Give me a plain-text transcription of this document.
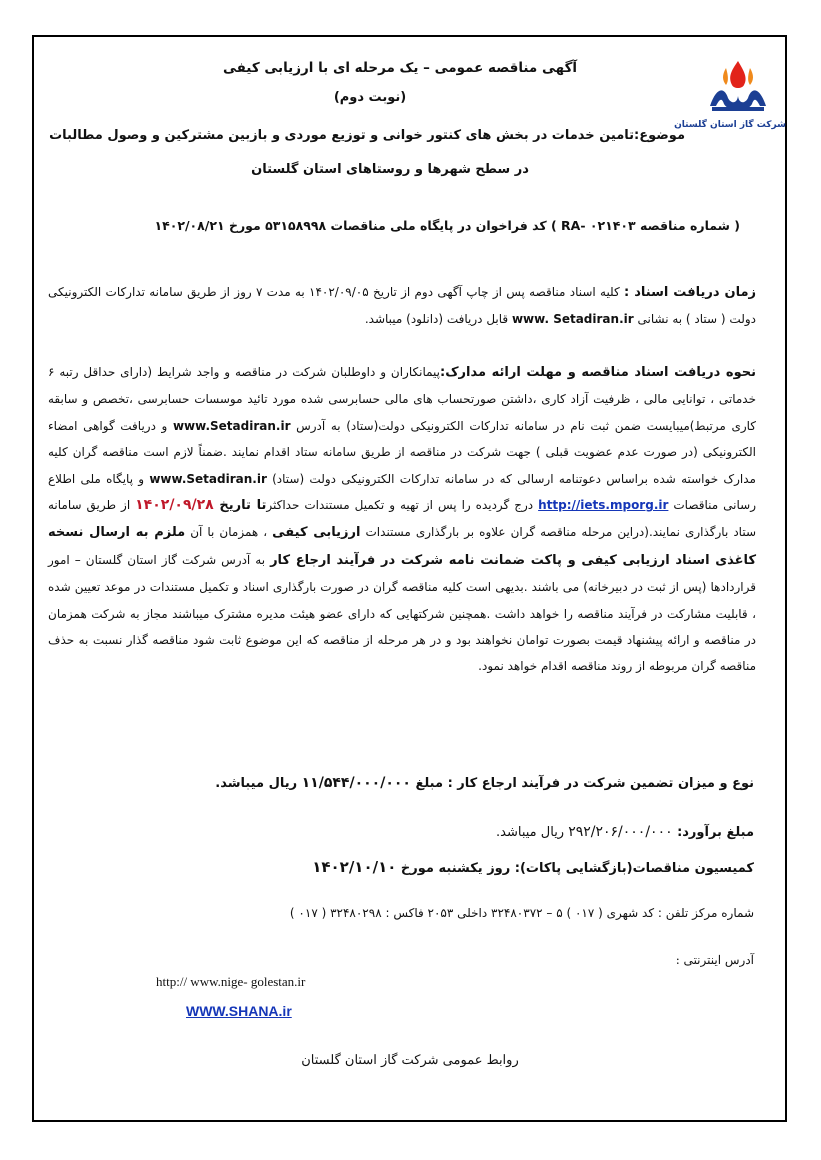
شرکت گاز استان گلستان
آگهی مناقصه عمومی – یک مرحله ای با ارزیابی کیفی
(نوبت دوم)
موضوع:تامین خدمات در بخش های کنتور خوانی و توزیع موردی و بازبین مشترکین و وصول مطالبات
در سطح شهرها و روستاهای استان گلستان
( شماره مناقصه RA- ۰۲۱۴۰۳ ) کد فراخوان در پایگاه ملی مناقصات ۵۳۱۵۸۹۹۸ مورخ ۱۴۰۲/۰۸/۲۱

زمان دریافت اسناد : کلیه اسناد مناقصه پس از چاپ آگهی دوم از تاریخ ۱۴۰۲/۰۹/۰۵ به مدت ۷ روز از طریق سامانه تدارکات الکترونیکی دولت ( ستاد ) به نشانی www. Setadiran.ir قابل دریافت (دانلود) میباشد.

نحوه دریافت اسناد مناقصه و مهلت ارائه مدارک:پیمانکاران و داوطلبان شرکت در مناقصه و واجد شرایط (دارای حداقل رتبه ۶ خدماتی ، توانایی مالی ، ظرفیت آزاد کاری ،داشتن صورتحساب های مالی حسابرسی شده مورد تائید موسسات حسابرسی ،تخصص و سابقه کاری مرتبط)میبایست ضمن ثبت نام در سامانه تدارکات الکترونیکی دولت(ستاد) به آدرس www.Setadiran.ir و دریافت گواهی امضاء الکترونیکی (در صورت عدم عضویت قبلی ) جهت شرکت در مناقصه از طریق سامانه ستاد اقدام نمایند .ضمناً لازم است مناقصه گران کلیه مدارک خواسته شده براساس دعوتنامه ارسالی که در سامانه تدارکات الکترونیکی دولت (ستاد) www.Setadiran.ir و پایگاه ملی اطلاع رسانی مناقصات http://iets.mporg.ir درج گردیده را پس از تهیه و تکمیل مستندات حداکثرتا تاریخ ۱۴۰۲/۰۹/۲۸ از طریق سامانه ستاد بارگذاری نمایند.(دراین مرحله مناقصه گران علاوه بر بارگذاری مستندات ارزیابی کیفی ، همزمان با آن ملزم به ارسال نسخه کاغذی اسناد ارزیابی کیفی و پاکت ضمانت نامه شرکت در فرآیند ارجاع کار به آدرس شرکت گاز استان گلستان – امور قراردادها (پس از ثبت در دبیرخانه) می باشند .بدیهی است کلیه مناقصه گران در صورت بارگذاری اسناد و تکمیل مستندات در موعد تعیین شده ، قابلیت مشارکت در فرآیند مناقصه را خواهد داشت .همچنین شرکتهایی که دارای عضو هیئت مدیره مشترک میباشند مجاز به شرکت همزمان در مناقصه و ارائه پیشنهاد قیمت بصورت توامان نخواهند بود و در هر مرحله از مناقصه که این موضوع ثابت شود مناقصه گذار نسبت به حذف مناقصه گران مربوطه از روند مناقصه اقدام خواهد نمود.

نوع و میزان تضمین شرکت در فرآیند ارجاع کار : مبلغ ۱۱/۵۴۴/۰۰۰/۰۰۰ ریال میباشد.
مبلغ برآورد: ۲۹۲/۲۰۶/۰۰۰/۰۰۰ ریال میباشد.
کمیسیون مناقصات(بازگشایی پاکات): روز یکشنبه مورخ ۱۴۰۲/۱۰/۱۰
شماره مرکز تلفن : کد شهری ( ۰۱۷ ) ۵ – ۳۲۴۸۰۳۷۲ داخلی ۲۰۵۳ فاکس : ۳۲۴۸۰۲۹۸ ( ۰۱۷ )
آدرس اینترنتی :
http:// www.nige- golestan.ir
WWW.SHANA.ir
روابط عمومی شرکت گاز استان گلستان
